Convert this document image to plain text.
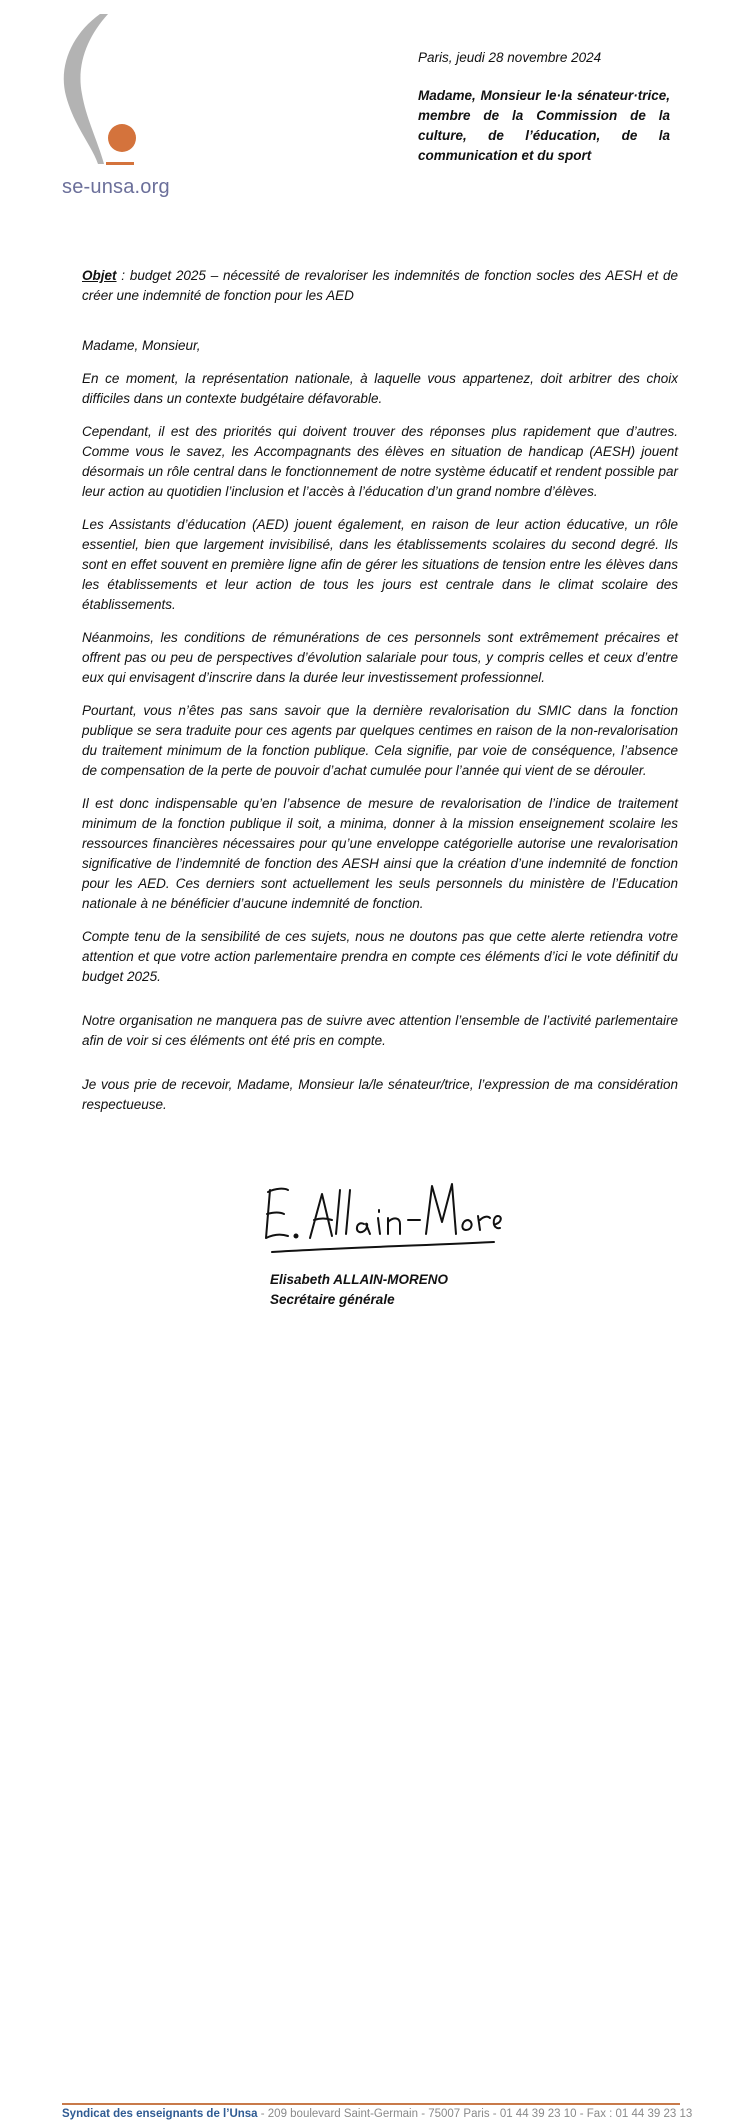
se-unsa.org
Paris, jeudi 28 novembre 2024
Madame, Monsieur le·la sénateur·trice, membre de la Commission de la culture, de l’éducation, de la communication et du sport

Objet : budget 2025 – nécessité de revaloriser les indemnités de fonction socles des AESH et de créer une indemnité de fonction pour les AED

Madame, Monsieur,

En ce moment, la représentation nationale, à laquelle vous appartenez, doit arbitrer des choix difficiles dans un contexte budgétaire défavorable.

Cependant, il est des priorités qui doivent trouver des réponses plus rapidement que d’autres. Comme vous le savez, les Accompagnants des élèves en situation de handicap (AESH) jouent désormais un rôle central dans le fonctionnement de notre système éducatif et rendent possible par leur action au quotidien l’inclusion et l’accès à l’éducation d’un grand nombre d’élèves.

Les Assistants d’éducation (AED) jouent également, en raison de leur action éducative, un rôle essentiel, bien que largement invisibilisé, dans les établissements scolaires du second degré. Ils sont en effet souvent en première ligne afin de gérer les situations de tension entre les élèves dans les établissements et leur action de tous les jours est centrale dans le climat scolaire des établissements.

Néanmoins, les conditions de rémunérations de ces personnels sont extrêmement précaires et offrent pas ou peu de perspectives d’évolution salariale pour tous, y compris celles et ceux d’entre eux qui envisagent d’inscrire dans la durée leur investissement professionnel.

Pourtant, vous n’êtes pas sans savoir que la dernière revalorisation du SMIC dans la fonction publique se sera traduite pour ces agents par quelques centimes en raison de la non-revalorisation du traitement minimum de la fonction publique. Cela signifie, par voie de conséquence, l’absence de compensation de la perte de pouvoir d’achat cumulée pour l’année qui vient de se dérouler.

Il est donc indispensable qu’en l’absence de mesure de revalorisation de l’indice de traitement minimum de la fonction publique il soit, a minima, donner à la mission enseignement scolaire les ressources financières nécessaires pour qu’une enveloppe catégorielle autorise une revalorisation significative de l’indemnité de fonction des AESH ainsi que la création d’une indemnité de fonction pour les AED. Ces derniers sont actuellement les seuls personnels du ministère de l’Education nationale à ne bénéficier d’aucune indemnité de fonction.

Compte tenu de la sensibilité de ces sujets, nous ne doutons pas que cette alerte retiendra votre attention et que votre action parlementaire prendra en compte ces éléments d’ici le vote définitif du budget 2025.

Notre organisation ne manquera pas de suivre avec attention l’ensemble de l’activité parlementaire afin de voir si ces éléments ont été pris en compte.

Je vous prie de recevoir, Madame, Monsieur la/le sénateur/trice, l’expression de ma considération respectueuse.

Elisabeth ALLAIN-MORENO
Secrétaire générale
Syndicat des enseignants de l’Unsa - 209 boulevard Saint-Germain - 75007 Paris - 01 44 39 23 10 - Fax : 01 44 39 23 13
